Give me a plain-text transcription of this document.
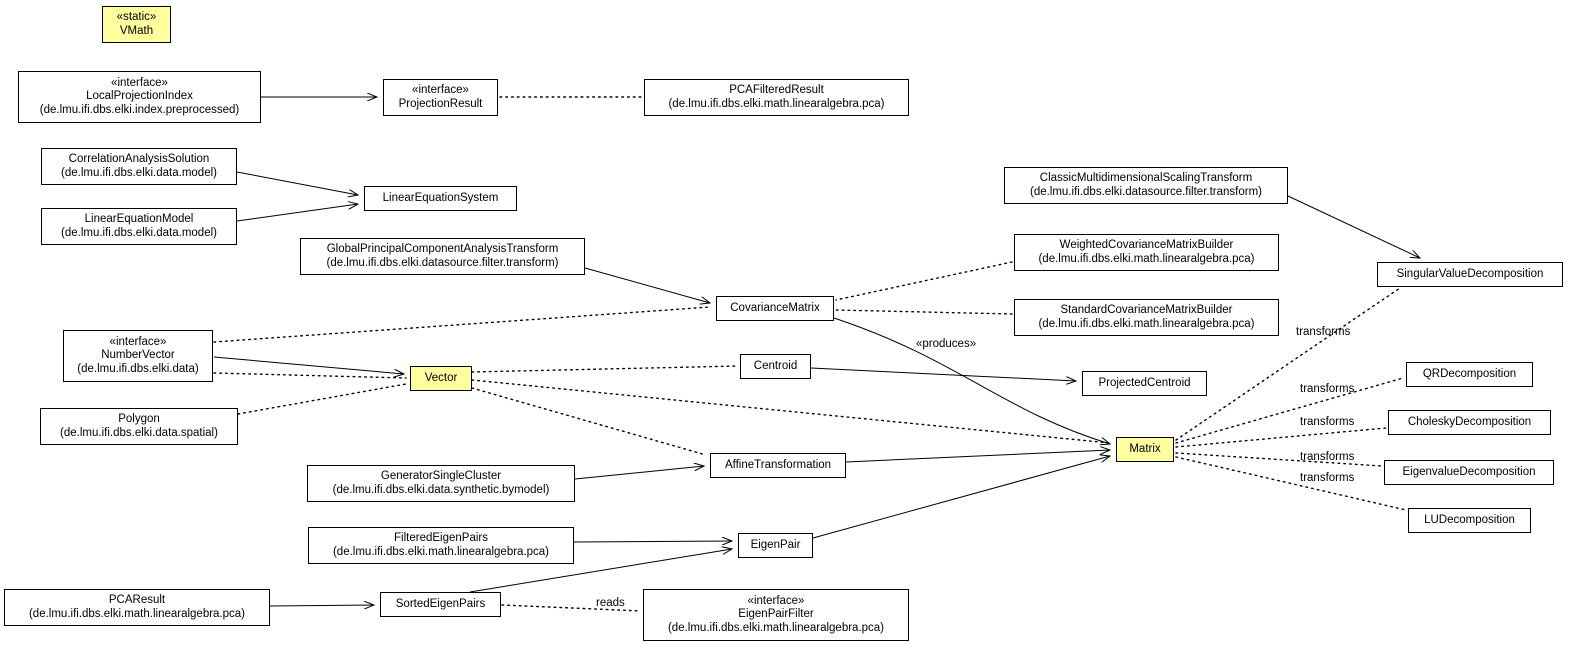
«static»
VMath
«interface»
LocalProjectionIndex
(de.lmu.ifi.dbs.elki.index.preprocessed)
«interface»
ProjectionResult
PCAFilteredResult
(de.lmu.ifi.dbs.elki.math.linearalgebra.pca)
CorrelationAnalysisSolution
(de.lmu.ifi.dbs.elki.data.model)
LinearEquationSystem
LinearEquationModel
(de.lmu.ifi.dbs.elki.data.model)
ClassicMultidimensionalScalingTransform
(de.lmu.ifi.dbs.elki.datasource.filter.transform)
GlobalPrincipalComponentAnalysisTransform
(de.lmu.ifi.dbs.elki.datasource.filter.transform)
WeightedCovarianceMatrixBuilder
(de.lmu.ifi.dbs.elki.math.linearalgebra.pca)
SingularValueDecomposition
CovarianceMatrix	StandardCovarianceMatrixBuilder
(de.lmu.ifi.dbs.elki.math.linearalgebra.pca)
«interface»
NumberVector
(de.lmu.ifi.dbs.elki.data)	Centroid
QRDecomposition
Vector	ProjectedCentroid
Polygon
(de.lmu.ifi.dbs.elki.data.spatial)
CholeskyDecomposition
Matrix
AffineTransformation
EigenvalueDecomposition
GeneratorSingleCluster
(de.lmu.ifi.dbs.elki.data.synthetic.bymodel)
LUDecomposition
FilteredEigenPairs
(de.lmu.ifi.dbs.elki.math.linearalgebra.pca)
EigenPair
PCAResult
(de.lmu.ifi.dbs.elki.math.linearalgebra.pca)
SortedEigenPairs	«interface»
EigenPairFilter
(de.lmu.ifi.dbs.elki.math.linearalgebra.pca)
«produces»
transforms
transforms
transforms
transforms
transforms
reads
